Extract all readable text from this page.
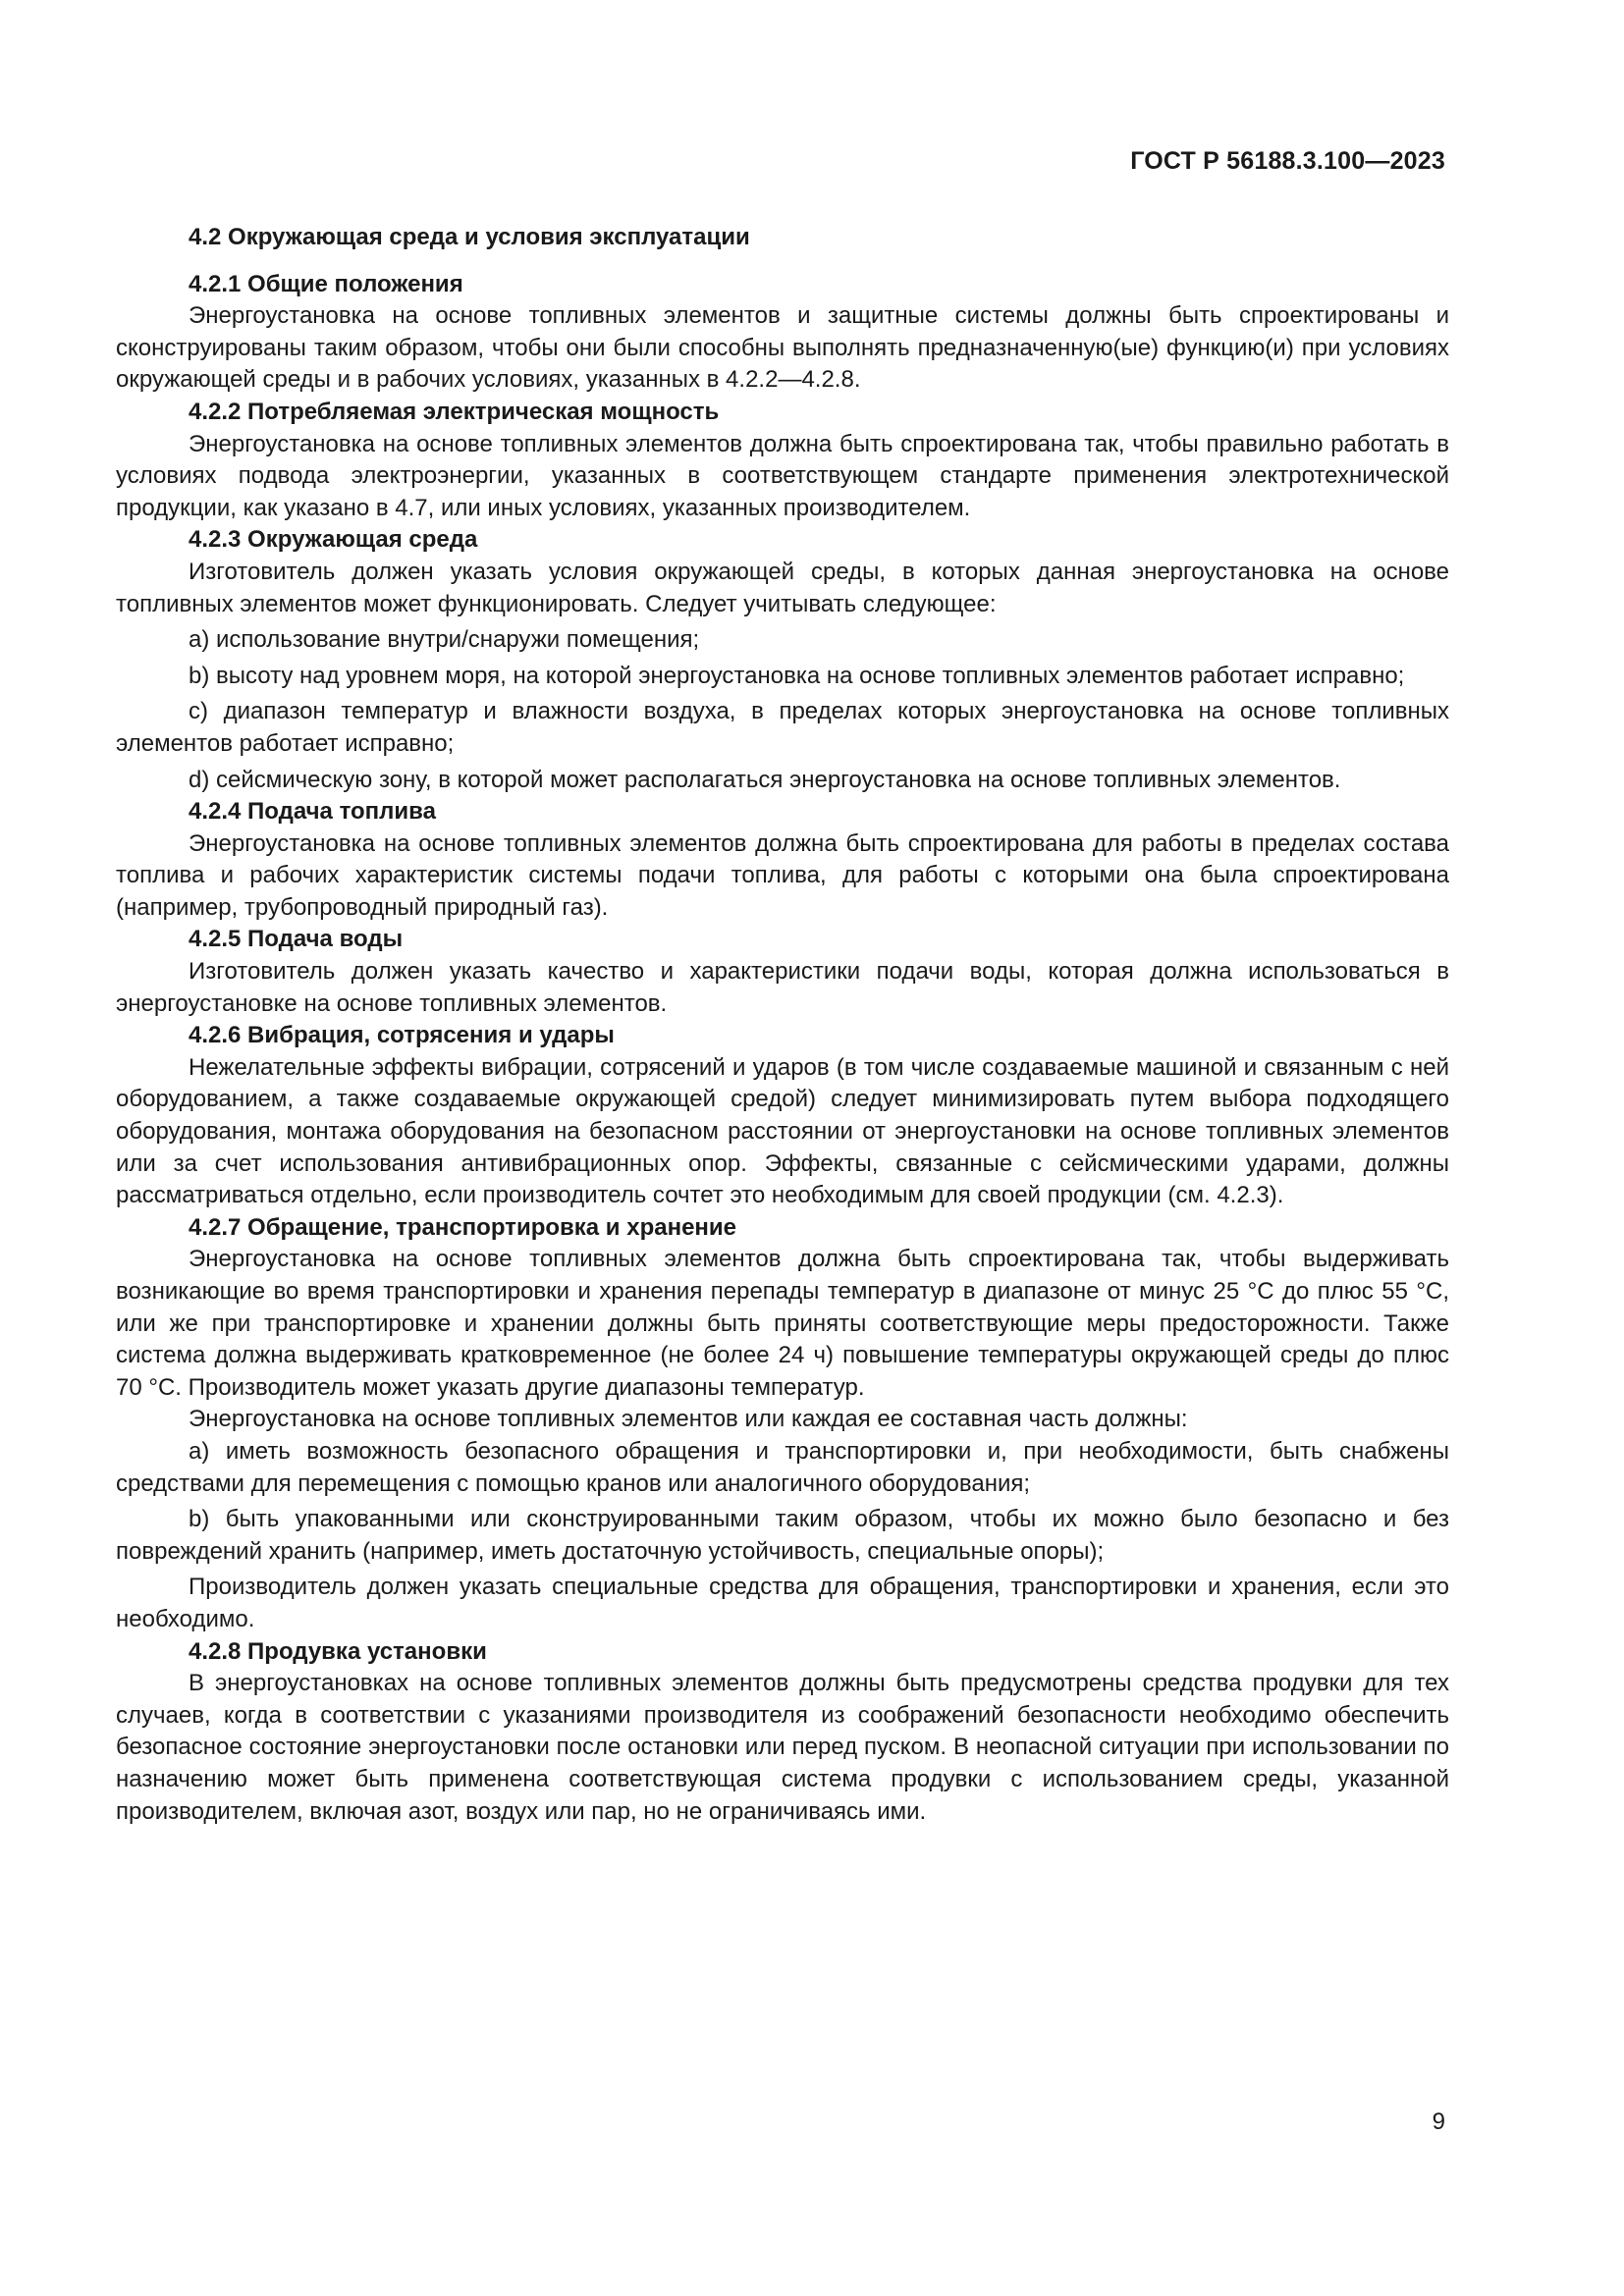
ГОСТ Р 56188.3.100—2023
4.2 Окружающая среда и условия эксплуатации
4.2.1 Общие положения

Энергоустановка на основе топливных элементов и защитные системы должны быть спроектированы и сконструированы таким образом, чтобы они были способны выполнять предназначенную(ые) функцию(и) при условиях окружающей среды и в рабочих условиях, указанных в 4.2.2—4.2.8.

4.2.2 Потребляемая электрическая мощность

Энергоустановка на основе топливных элементов должна быть спроектирована так, чтобы правильно работать в условиях подвода электроэнергии, указанных в соответствующем стандарте применения электротехнической продукции, как указано в 4.7, или иных условиях, указанных производителем.

4.2.3 Окружающая среда

Изготовитель должен указать условия окружающей среды, в которых данная энергоустановка на основе топливных элементов может функционировать. Следует учитывать следующее:

a) использование внутри/снаружи помещения;

b) высоту над уровнем моря, на которой энергоустановка на основе топливных элементов работает исправно;

c) диапазон температур и влажности воздуха, в пределах которых энергоустановка на основе топливных элементов работает исправно;

d) сейсмическую зону, в которой может располагаться энергоустановка на основе топливных элементов.

4.2.4 Подача топлива

Энергоустановка на основе топливных элементов должна быть спроектирована для работы в пределах состава топлива и рабочих характеристик системы подачи топлива, для работы с которыми она была спроектирована (например, трубопроводный природный газ).

4.2.5 Подача воды

Изготовитель должен указать качество и характеристики подачи воды, которая должна использоваться в энергоустановке на основе топливных элементов.

4.2.6 Вибрация, сотрясения и удары

Нежелательные эффекты вибрации, сотрясений и ударов (в том числе создаваемые машиной и связанным с ней оборудованием, а также создаваемые окружающей средой) следует минимизировать путем выбора подходящего оборудования, монтажа оборудования на безопасном расстоянии от энергоустановки на основе топливных элементов или за счет использования антивибрационных опор. Эффекты, связанные с сейсмическими ударами, должны рассматриваться отдельно, если производитель сочтет это необходимым для своей продукции (см. 4.2.3).

4.2.7 Обращение, транспортировка и хранение

Энергоустановка на основе топливных элементов должна быть спроектирована так, чтобы выдерживать возникающие во время транспортировки и хранения перепады температур в диапазоне от минус 25 °С до плюс 55 °С, или же при транспортировке и хранении должны быть приняты соответствующие меры предосторожности. Также система должна выдерживать кратковременное (не более 24 ч) повышение температуры окружающей среды до плюс 70 °С. Производитель может указать другие диапазоны температур.

Энергоустановка на основе топливных элементов или каждая ее составная часть должны:

a) иметь возможность безопасного обращения и транспортировки и, при необходимости, быть снабжены средствами для перемещения с помощью кранов или аналогичного оборудования;

b) быть упакованными или сконструированными таким образом, чтобы их можно было безопасно и без повреждений хранить (например, иметь достаточную устойчивость, специальные опоры);

Производитель должен указать специальные средства для обращения, транспортировки и хранения, если это необходимо.

4.2.8 Продувка установки

В энергоустановках на основе топливных элементов должны быть предусмотрены средства продувки для тех случаев, когда в соответствии с указаниями производителя из соображений безопасности необходимо обеспечить безопасное состояние энергоустановки после остановки или перед пуском. В неопасной ситуации при использовании по назначению может быть применена соответствующая система продувки с использованием среды, указанной производителем, включая азот, воздух или пар, но не ограничиваясь ими.

9
